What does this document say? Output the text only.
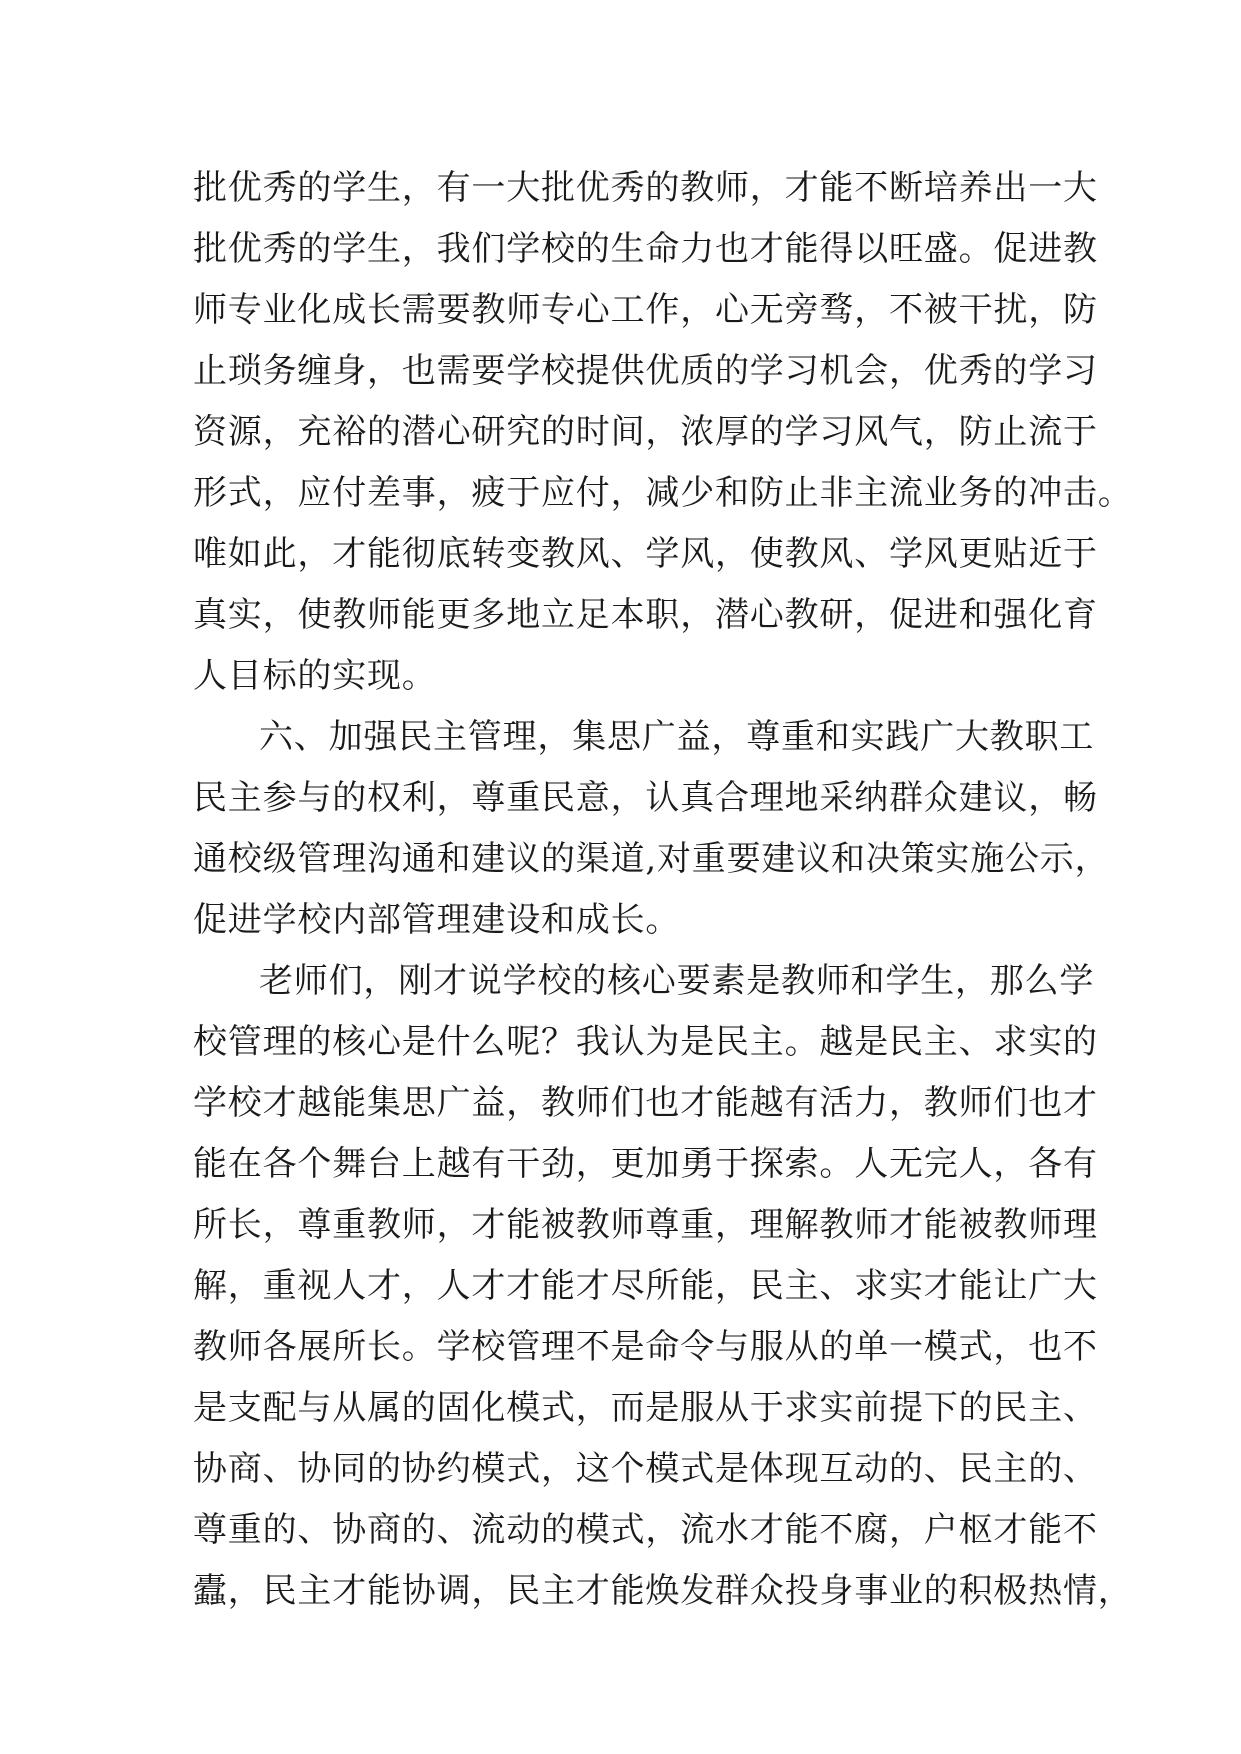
批优秀的学生，有一大批优秀的教师，才能不断培养出一大
批优秀的学生，我们学校的生命力也才能得以旺盛。促进教
师专业化成长需要教师专心工作，心无旁骛，不被干扰，防
止琐务缠身，也需要学校提供优质的学习机会，优秀的学习
资源，充裕的潜心研究的时间，浓厚的学习风气，防止流于
形式，应付差事，疲于应付，减少和防止非主流业务的冲击。
唯如此，才能彻底转变教风、学风，使教风、学风更贴近于
真实，使教师能更多地立足本职，潜心教研，促进和强化育
人目标的实现。
六、加强民主管理，集思广益，尊重和实践广大教职工
民主参与的权利，尊重民意，认真合理地采纳群众建议，畅
通校级管理沟通和建议的渠道,对重要建议和决策实施公示，
促进学校内部管理建设和成长。
老师们，刚才说学校的核心要素是教师和学生，那么学
校管理的核心是什么呢？我认为是民主。越是民主、求实的
学校才越能集思广益，教师们也才能越有活力，教师们也才
能在各个舞台上越有干劲，更加勇于探索。人无完人，各有
所长，尊重教师，才能被教师尊重，理解教师才能被教师理
解，重视人才，人才才能才尽所能，民主、求实才能让广大
教师各展所长。学校管理不是命令与服从的单一模式，也不
是支配与从属的固化模式，而是服从于求实前提下的民主、
协商、协同的协约模式，这个模式是体现互动的、民主的、
尊重的、协商的、流动的模式，流水才能不腐，户枢才能不
蠹，民主才能协调，民主才能焕发群众投身事业的积极热情，
